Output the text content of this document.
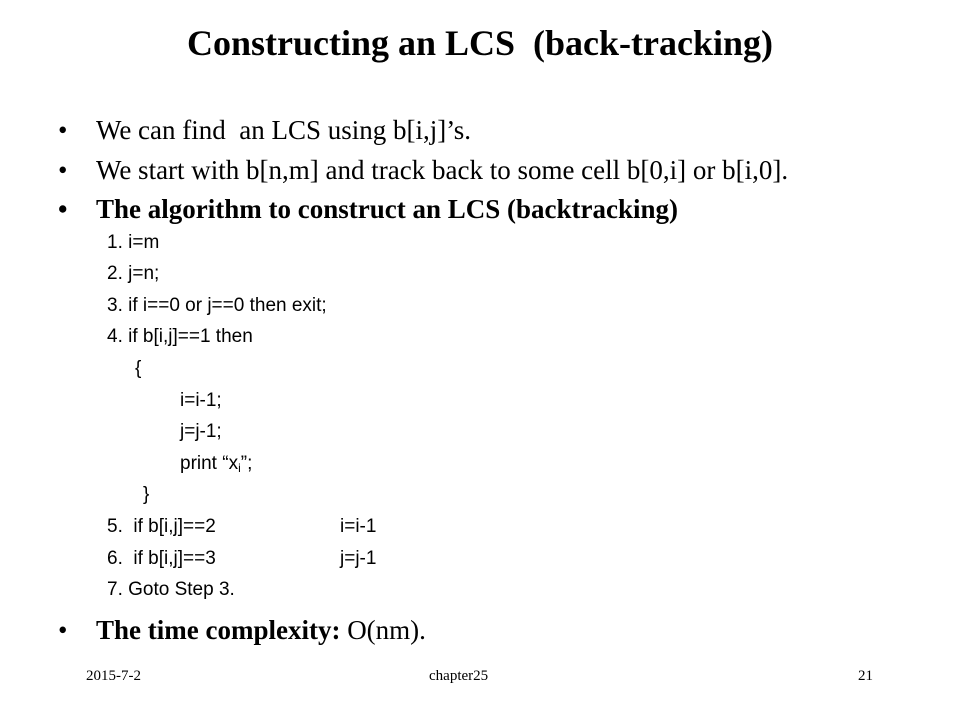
Constructing an LCS  (back-tracking)
•	We can find  an LCS using b[i,j]’s.
•	We start with b[n,m] and track back to some cell b[0,i] or b[i,0].
•	The algorithm to construct an LCS (backtracking)
1. i=m
2. j=n;
3. if i==0 or j==0 then exit;
4. if b[i,j]==1 then
{
i=i-1;
j=j-1;
print “$x_i$”;
}
5.  if b[i,j]==2	i=i-1
6.  if b[i,j]==3	j=j-1
7. Goto Step 3.
•	The time complexity: O(nm).
2015-7-2	chapter25	21
